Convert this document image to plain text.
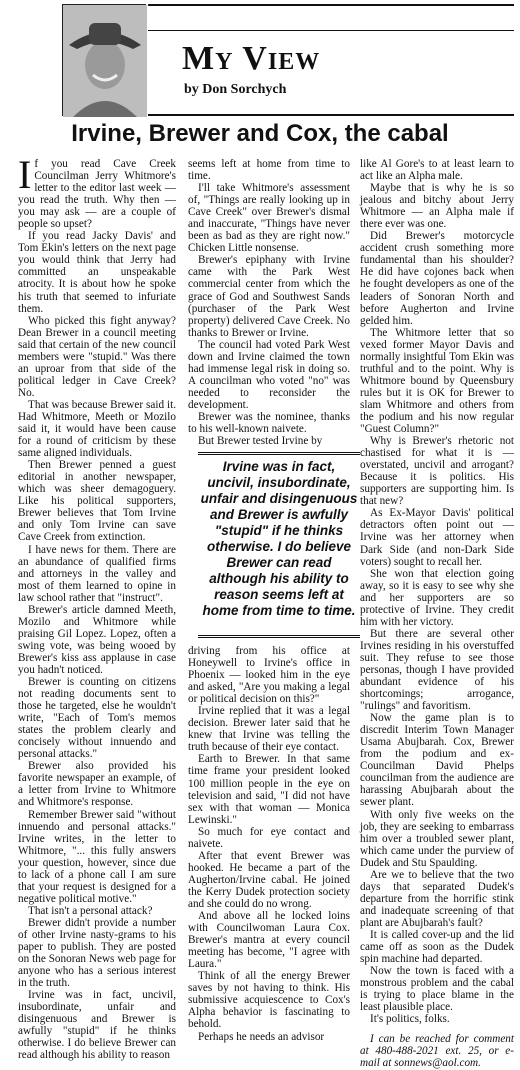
My View
by Don Sorchych
Irvine, Brewer and Cox, the cabal

If you read Cave Creek Councilman Jerry Whitmore's letter to the editor last week — you read the truth. Why then — you may ask — are a couple of people so upset?

If you read Jacky Davis' and Tom Ekin's letters on the next page you would think that Jerry had committed an unspeakable atrocity. It is about how he spoke his truth that seemed to infuriate them.

Who picked this fight anyway? Dean Brewer in a council meeting said that certain of the new council members were "stupid." Was there an uproar from that side of the political ledger in Cave Creek? No.

That was because Brewer said it. Had Whitmore, Meeth or Mozilo said it, it would have been cause for a round of criticism by these same aligned individuals.

Then Brewer penned a guest editorial in another newspaper, which was sheer demagoguery. Like his political supporters, Brewer believes that Tom Irvine and only Tom Irvine can save Cave Creek from extinction.

I have news for them. There are an abundance of qualified firms and attorneys in the valley and most of them learned to opine in law school rather that "instruct".

Brewer's article damned Meeth, Mozilo and Whitmore while praising Gil Lopez. Lopez, often a swing vote, was being wooed by Brewer's kiss ass applause in case you hadn't noticed.

Brewer is counting on citizens not reading documents sent to those he targeted, else he wouldn't write, "Each of Tom's memos states the problem clearly and concisely without innuendo and personal attacks."

Brewer also provided his favorite newspaper an example, of a letter from Irvine to Whitmore and Whitmore's response.

Remember Brewer said "without innuendo and personal attacks." Irvine writes, in the letter to Whitmore, "... this fully answers your question, however, since due to lack of a phone call I am sure that your request is designed for a negative political motive."

That isn't a personal attack?

Brewer didn't provide a number of other Irvine nasty-grams to his paper to publish. They are posted on the Sonoran News web page for anyone who has a serious interest in the truth.

Irvine was in fact, uncivil, insubordinate, unfair and disingenuous and Brewer is awfully "stupid" if he thinks otherwise. I do believe Brewer can read although his ability to reason

seems left at home from time to time.

I'll take Whitmore's assessment of, "Things are really looking up in Cave Creek" over Brewer's dismal and inaccurate, "Things have never been as bad as they are right now." Chicken Little nonsense.

Brewer's epiphany with Irvine came with the Park West commercial center from which the grace of God and Southwest Sands (purchaser of the Park West property) delivered Cave Creek. No thanks to Brewer or Irvine.

The council had voted Park West down and Irvine claimed the town had immense legal risk in doing so. A councilman who voted "no" was needed to reconsider the development.

Brewer was the nominee, thanks to his well-known naivete.

But Brewer tested Irvine by

Irvine was in fact, uncivil, insubordinate, unfair and disingenuous and Brewer is awfully "stupid" if he thinks otherwise. I do believe Brewer can read although his ability to reason seems left at home from time to time.

driving from his office at Honeywell to Irvine's office in Phoenix — looked him in the eye and asked, "Are you making a legal or political decision on this?"

Irvine replied that it was a legal decision. Brewer later said that he knew that Irvine was telling the truth because of their eye contact.

Earth to Brewer. In that same time frame your president looked 100 million people in the eye on television and said, "I did not have sex with that woman — Monica Lewinski."

So much for eye contact and naivete.

After that event Brewer was hooked. He became a part of the Augherton/Irvine cabal. He joined the Kerry Dudek protection society and she could do no wrong.

And above all he locked loins with Councilwoman Laura Cox. Brewer's mantra at every council meeting has become, "I agree with Laura."

Think of all the energy Brewer saves by not having to think. His submissive acquiescence to Cox's Alpha behavior is fascinating to behold.

Perhaps he needs an advisor

like Al Gore's to at least learn to act like an Alpha male.

Maybe that is why he is so jealous and bitchy about Jerry Whitmore — an Alpha male if there ever was one.

Did Brewer's motorcycle accident crush something more fundamental than his shoulder? He did have cojones back when he fought developers as one of the leaders of Sonoran North and before Augherton and Irvine gelded him.

The Whitmore letter that so vexed former Mayor Davis and normally insightful Tom Ekin was truthful and to the point. Why is Whitmore bound by Queensbury rules but it is OK for Brewer to slam Whitmore and others from the podium and his now regular "Guest Column?"

Why is Brewer's rhetoric not chastised for what it is — overstated, uncivil and arrogant? Because it is politics. His supporters are supporting him. Is that new?

As Ex-Mayor Davis' political detractors often point out — Irvine was her attorney when Dark Side (and non-Dark Side voters) sought to recall her.

She won that election going away, so it is easy to see why she and her supporters are so protective of Irvine. They credit him with her victory.

But there are several other Irvines residing in his overstuffed suit. They refuse to see those personas, though I have provided abundant evidence of his shortcomings; arrogance, "rulings" and favoritism.

Now the game plan is to discredit Interim Town Manager Usama Abujbarah. Cox, Brewer from the podium and ex-Councilman David Phelps councilman from the audience are harassing Abujbarah about the sewer plant.

With only five weeks on the job, they are seeking to embarrass him over a troubled sewer plant, which came under the purview of Dudek and Stu Spaulding.

Are we to believe that the two days that separated Dudek's departure from the horrific stink and inadequate screening of that plant are Abujbarah's fault?

It is called cover-up and the lid came off as soon as the Dudek spin machine had departed.

Now the town is faced with a monstrous problem and the cabal is trying to place blame in the least plausible place.

It's politics, folks.

I can be reached for comment at 480-488-2021 ext. 25, or e-mail at sonnews@aol.com.
